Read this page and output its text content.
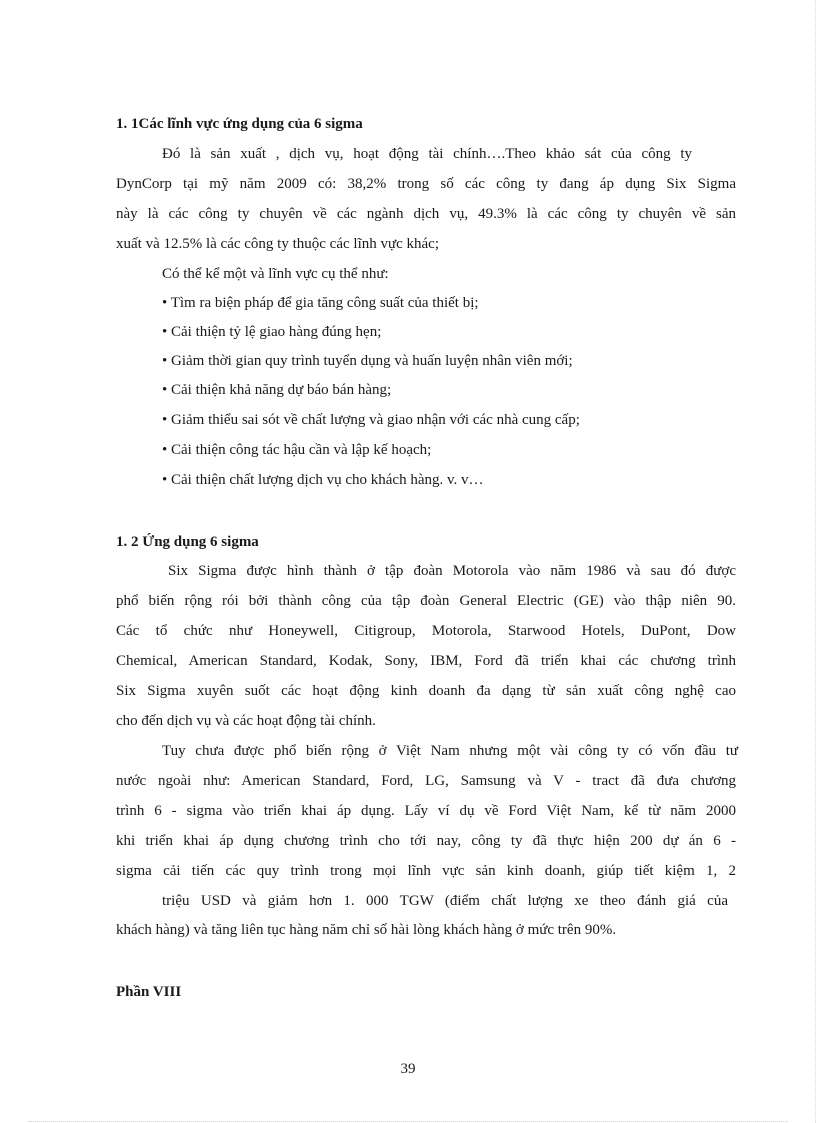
1. 1Các lĩnh vực ứng dụng của 6 sigma
Đó là sản xuất , dịch vụ, hoạt động tài chính….Theo khảo sát của công ty
DynCorp tại mỹ năm 2009 có: 38,2% trong số các công ty đang áp dụng Six Sigma
này là các công ty chuyên về các ngành dịch vụ, 49.3% là các công ty chuyên về sản
xuất và 12.5% là các công ty thuộc các lĩnh vực khác;
Có thể kể một và lĩnh vực cụ thể như:
• Tìm ra biện pháp để gia tăng công suất của thiết bị;
• Cải thiện tỷ lệ giao hàng đúng hẹn;
• Giảm thời gian quy trình tuyển dụng và huấn luyện nhân viên mới;
• Cải thiện khả năng dự báo bán hàng;
• Giảm thiểu sai sót về chất lượng và giao nhận với các nhà cung cấp;
• Cải thiện công tác hậu cần và lập kế hoạch;
• Cải thiện chất lượng dịch vụ cho khách hàng. v. v…
1. 2 Ứng dụng 6 sigma
Six Sigma được hình thành ở tập đoàn Motorola vào năm 1986 và sau đó được
phổ biến rộng rói bởi thành công của tập đoàn General Electric (GE) vào thập niên 90.
Các tổ chức như Honeywell, Citigroup, Motorola, Starwood Hotels, DuPont, Dow
Chemical, American Standard, Kodak, Sony, IBM, Ford đã triển khai các chương trình
Six Sigma xuyên suốt các hoạt động kinh doanh đa dạng từ sản xuất công nghệ cao
cho đến dịch vụ và các hoạt động tài chính.
Tuy chưa được phổ biến rộng ở Việt Nam nhưng một vài công ty có vốn đầu tư
nước ngoài như: American Standard, Ford, LG, Samsung và V - tract đã đưa chương
trình 6 - sigma vào triển khai áp dụng. Lấy ví dụ về Ford Việt Nam, kể từ năm 2000
khi triển khai áp dụng chương trình cho tới nay, công ty đã thực hiện 200 dự án 6 -
sigma cải tiến các quy trình trong mọi lĩnh vực sản kinh doanh, giúp tiết kiệm 1, 2
triệu USD và giảm hơn 1. 000 TGW (điểm chất lượng xe theo đánh giá của
khách hàng) và tăng liên tục hàng năm chỉ số hài lòng khách hàng ở mức trên 90%.
Phần VIII
39
